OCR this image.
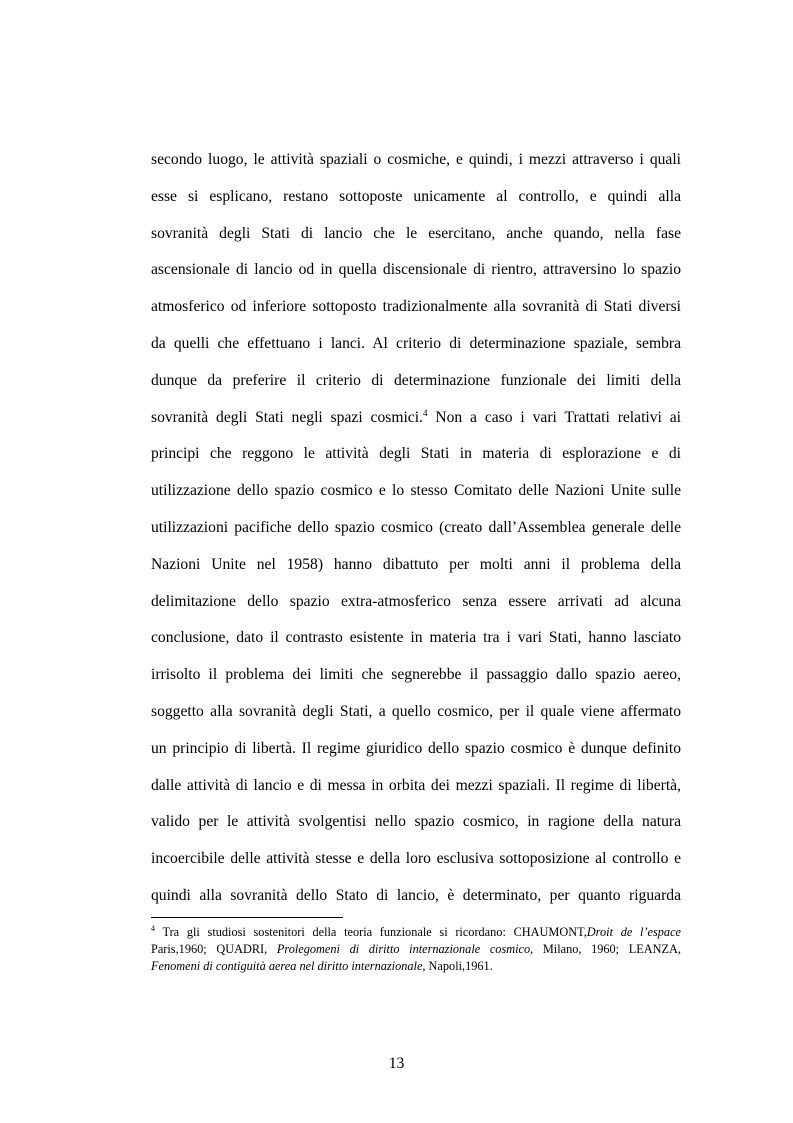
secondo luogo, le attività spaziali o cosmiche, e quindi, i mezzi attraverso i quali
esse si esplicano, restano sottoposte unicamente al controllo, e quindi alla
sovranità degli Stati di lancio che le esercitano, anche quando, nella fase
ascensionale di lancio od in quella discensionale di rientro, attraversino lo spazio
atmosferico od inferiore sottoposto tradizionalmente alla sovranità di Stati diversi
da quelli che effettuano i lanci. Al criterio di determinazione spaziale, sembra
dunque da preferire il criterio di determinazione funzionale dei limiti della
sovranità degli Stati negli spazi cosmici.$^4$ Non a caso i vari Trattati relativi ai
principi che reggono le attività degli Stati in materia di esplorazione e di
utilizzazione dello spazio cosmico e lo stesso Comitato delle Nazioni Unite sulle
utilizzazioni pacifiche dello spazio cosmico (creato dall’Assemblea generale delle
Nazioni Unite nel 1958) hanno dibattuto per molti anni il problema della
delimitazione dello spazio extra-atmosferico senza essere arrivati ad alcuna
conclusione, dato il contrasto esistente in materia tra i vari Stati, hanno lasciato
irrisolto il problema dei limiti che segnerebbe il passaggio dallo spazio aereo,
soggetto alla sovranità degli Stati, a quello cosmico, per il quale viene affermato
un principio di libertà. Il regime giuridico dello spazio cosmico è dunque definito
dalle attività di lancio e di messa in orbita dei mezzi spaziali. Il regime di libertà,
valido per le attività svolgentisi nello spazio cosmico, in ragione della natura
incoercibile delle attività stesse e della loro esclusiva sottoposizione al controllo e
quindi alla sovranità dello Stato di lancio, è determinato, per quanto riguarda
$^4$ Tra gli studiosi sostenitori della teoria funzionale si ricordano: CHAUMONT,Droit de l’espace
Paris,1960; QUADRI, Prolegomeni di diritto internazionale cosmico, Milano, 1960; LEANZA,
Fenomeni di contiguità aerea nel diritto internazionale, Napoli,1961.
13
